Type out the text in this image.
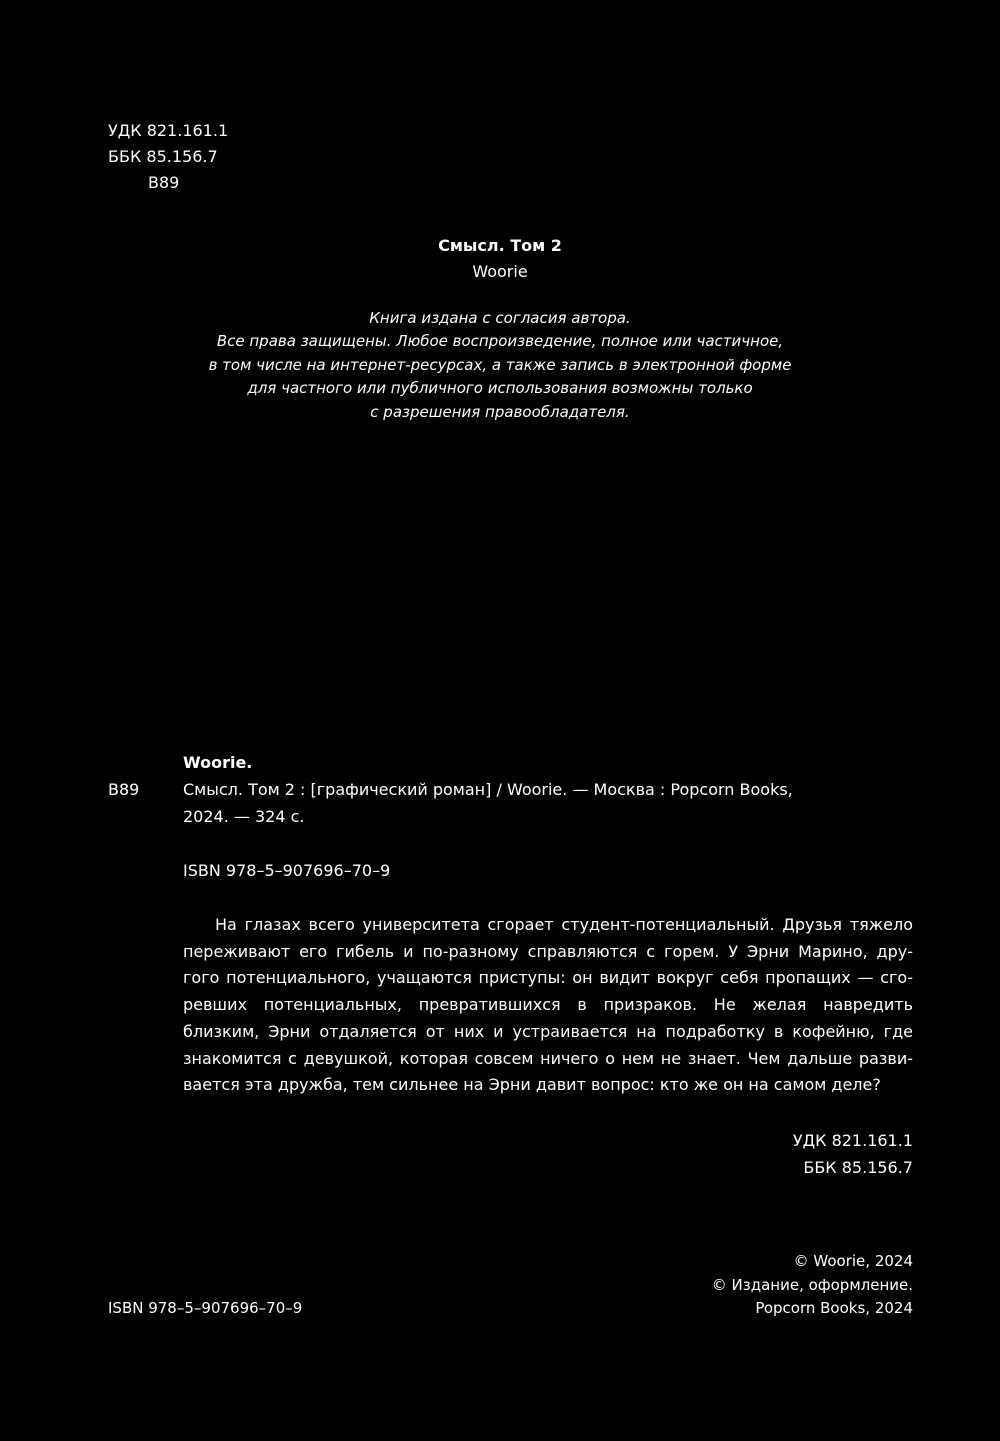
УДК 821.161.1
ББК 85.156.7
В89
Смысл. Том 2
Woorie
Книга издана с согласия автора.
Все права защищены. Любое воспроизведение, полное или частичное,
в том числе на интернет-ресурсах, а также запись в электронной форме
для частного или публичного использования возможны только
с разрешения правообладателя.
Woorie.
В89	Смысл. Том 2 : [графический роман] / Woorie. — Москва : Popcorn Books,
2024. — 324 с.
ISBN 978–5–907696–70–9
На глазах всего университета сгорает студент-потенциальный. Друзья тяжело
переживают его гибель и по-разному справляются с горем. У Эрни Марино, дру-
гого потенциального, учащаются приступы: он видит вокруг себя пропащих — сго-
ревших потенциальных, превратившихся в призраков. Не желая навредить
близким, Эрни отдаляется от них и устраивается на подработку в кофейню, где
знакомится с девушкой, которая совсем ничего о нем не знает. Чем дальше разви-
вается эта дружба, тем сильнее на Эрни давит вопрос: кто же он на самом деле?
УДК 821.161.1
ББК 85.156.7
ISBN 978–5–907696–70–9
© Woorie, 2024
© Издание, оформление.
Popcorn Books, 2024
